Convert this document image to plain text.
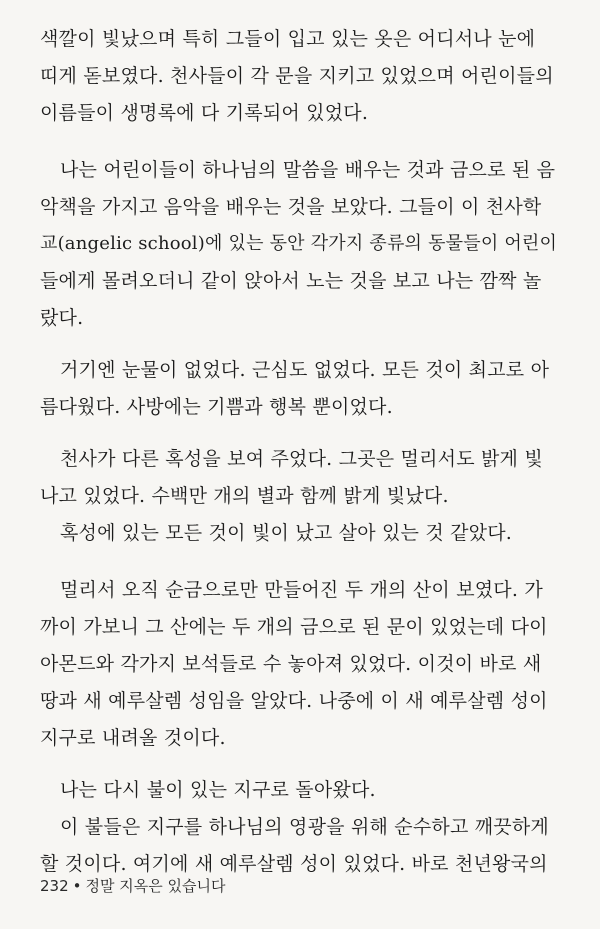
색깔이 빛났으며 특히 그들이 입고 있는 옷은 어디서나 눈에
띠게 돋보였다. 천사들이 각 문을 지키고 있었으며 어린이들의
이름들이 생명록에 다 기록되어 있었다.
나는 어린이들이 하나님의 말씀을 배우는 것과 금으로 된 음
악책을 가지고 음악을 배우는 것을 보았다. 그들이 이 천사학
교(angelic school)에 있는 동안 각가지 종류의 동물들이 어린이
들에게 몰려오더니 같이 앉아서 노는 것을 보고 나는 깜짝 놀
랐다.
거기엔 눈물이 없었다. 근심도 없었다. 모든 것이 최고로 아
름다웠다. 사방에는 기쁨과 행복 뿐이었다.
천사가 다른 혹성을 보여 주었다. 그곳은 멀리서도 밝게 빛
나고 있었다. 수백만 개의 별과 함께 밝게 빛났다.
혹성에 있는 모든 것이 빛이 났고 살아 있는 것 같았다.
멀리서 오직 순금으로만 만들어진 두 개의 산이 보였다. 가
까이 가보니 그 산에는 두 개의 금으로 된 문이 있었는데 다이
아몬드와 각가지 보석들로 수 놓아져 있었다. 이것이 바로 새
땅과 새 예루살렘 성임을 알았다. 나중에 이 새 예루살렘 성이
지구로 내려올 것이다.
나는 다시 불이 있는 지구로 돌아왔다.
이 불들은 지구를 하나님의 영광을 위해 순수하고 깨끗하게
할 것이다. 여기에 새 예루살렘 성이 있었다. 바로 천년왕국의
232 • 정말 지옥은 있습니다
